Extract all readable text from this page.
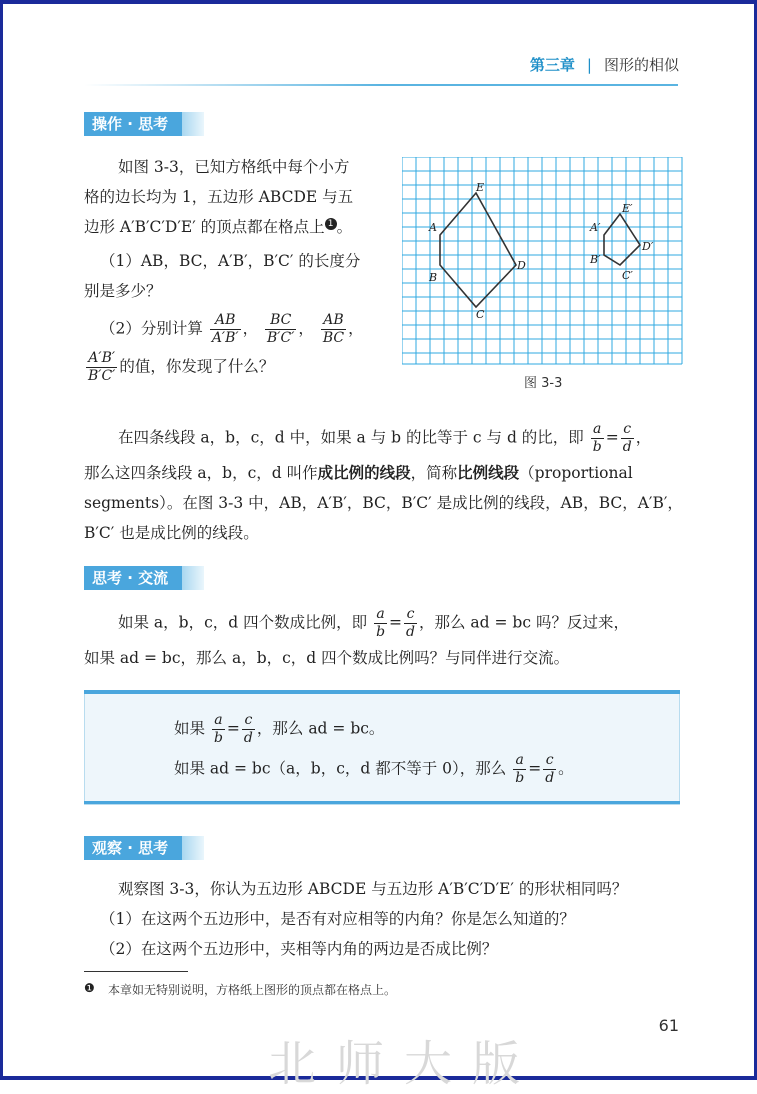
第三章 | 图形的相似
操作 · 思考
如图 3-3，已知方格纸中每个小方
格的边长均为 1，五边形 ABCDE 与五
边形 A′B′C′D′E′ 的顶点都在格点上 1 。
（1）AB，BC，A′B′，B′C′ 的长度分
别是多少？
（2）分别计算 $\frac{AB}{A'B'}$ ， $\frac{BC}{B'C'}$ ， $\frac{AB}{BC}$ ，
$\frac{A'B'}{B'C'}$ 的值，你发现了什么？
A
B
C
D
E
A′
B′
C′
D′
E′
图 3-3
在四条线段 a，b，c，d 中，如果 a 与 b 的比等于 c 与 d 的比，即 $\frac{a}{b} = \frac{c}{d}$ ，
那么这四条线段 a，b，c，d 叫作成比例的线段，简称比例线段（proportional
segments）。在图 3-3 中，AB，A′B′，BC，B′C′ 是成比例的线段，AB，BC，A′B′，
B′C′ 也是成比例的线段。
思考 · 交流
如果 a，b，c，d 四个数成比例，即 $\frac{a}{b} = \frac{c}{d}$ ，那么 ad = bc 吗？反过来，
如果 ad = bc，那么 a，b，c，d 四个数成比例吗？与同伴进行交流。
如果 $\frac{a}{b} = \frac{c}{d}$ ，那么 ad = bc。
如果 ad = bc（a，b，c，d 都不等于 0），那么 $\frac{a}{b} = \frac{c}{d}$ 。
观察 · 思考
观察图 3-3，你认为五边形 ABCDE 与五边形 A′B′C′D′E′ 的形状相同吗？
（1）在这两个五边形中，是否有对应相等的内角？你是怎么知道的？
（2）在这两个五边形中，夹相等内角的两边是否成比例？
❶ 本章如无特别说明，方格纸上图形的顶点都在格点上。
61
北师大版
